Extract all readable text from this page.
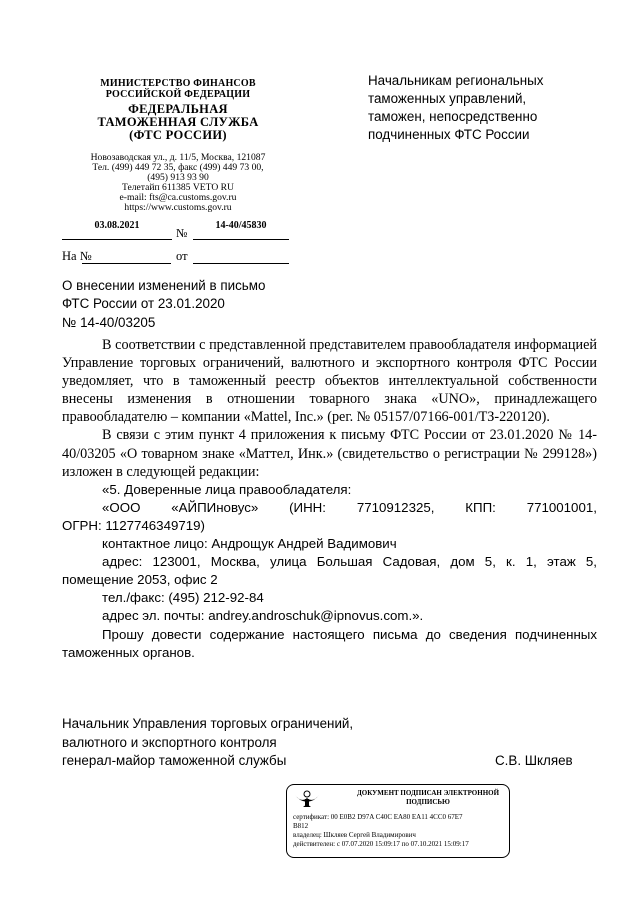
МИНИСТЕРСТВО ФИНАНСОВ
РОССИЙСКОЙ ФЕДЕРАЦИИ
ФЕДЕРАЛЬНАЯ
ТАМОЖЕННАЯ СЛУЖБА
(ФТС РОССИИ)
Новозаводская ул., д. 11/5, Москва, 121087
Тел. (499) 449 72 35, факс (499) 449 73 00,
(495) 913 93 90
Телетайп 611385 VETO RU
e-mail: fts@ca.customs.gov.ru
https://www.customs.gov.ru
03.08.2021
№
14-40/45830
На №	от
Начальникам региональных
таможенных управлений,
таможен, непосредственно
подчиненных ФТС России
О внесении изменений в письмо
ФТС России от 23.01.2020
№ 14-40/03205

В соответствии с представленной представителем правообладателя информацией Управление торговых ограничений, валютного и экспортного контроля ФТС России уведомляет, что в таможенный реестр объектов интеллектуальной собственности внесены изменения в отношении товарного знака «UNO», принадлежащего правообладателю – компании «Mattel, Inc.» (рег. № 05157/07166-001/ТЗ-220120).

В связи с этим пункт 4 приложения к письму ФТС России от 23.01.2020 № 14-40/03205 «О товарном знаке «Маттел, Инк.» (свидетельство о регистрации № 299128») изложен в следующей редакции:

«5. Доверенные лица правообладателя:

«ООО «АЙПИновус» (ИНН: 7710912325, КПП: 771001001,

ОГРН: 1127746349719)

контактное лицо: Андрощук Андрей Вадимович

адрес: 123001, Москва, улица Большая Садовая, дом 5, к. 1, этаж 5, помещение 2053, офис 2

тел./факс: (495) 212-92-84

адрес эл. почты: andrey.androschuk@ipnovus.com.».

Прошу довести содержание настоящего письма до сведения подчиненных таможенных органов.

Начальник Управления торговых ограничений,
валютного и экспортного контроля
генерал-майор таможенной службы	С.В. Шкляев
ДОКУМЕНТ ПОДПИСАН ЭЛЕКТРОННОЙ
ПОДПИСЬЮ
сертификат: 00 E0B2 D97A C40C EA80 EA11 4CC0 67E7
B812
владелец: Шкляев Сергей Владимирович
действителен: с 07.07.2020 15:09:17 по 07.10.2021 15:09:17
